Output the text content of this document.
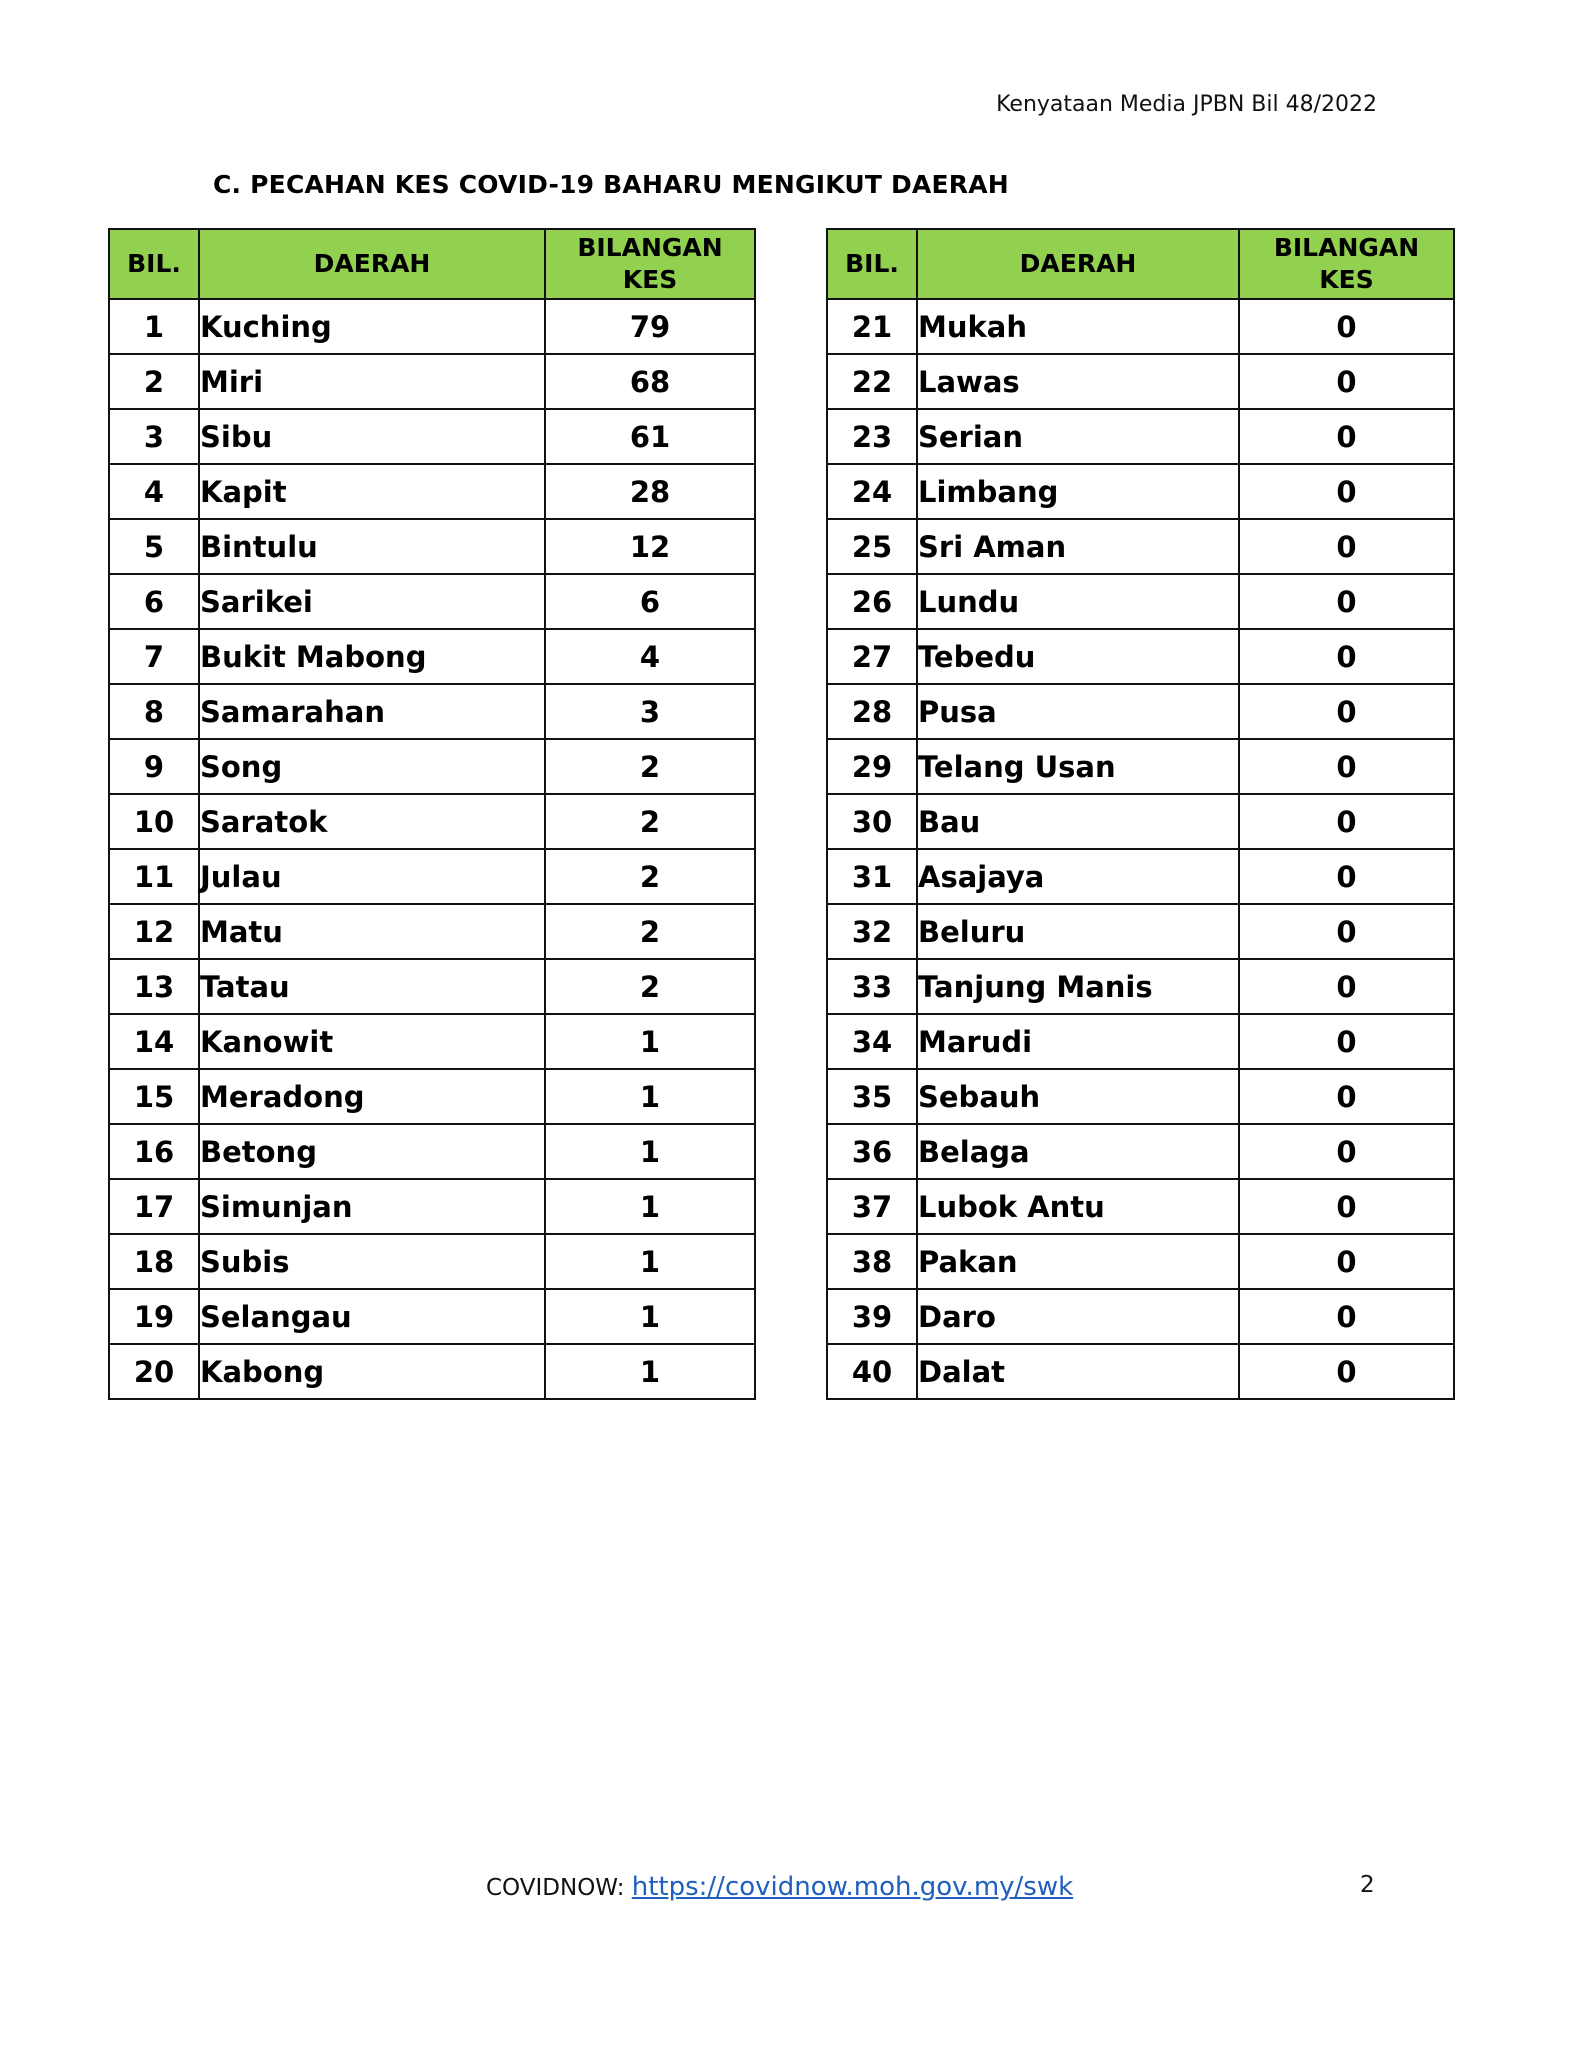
Kenyataan Media JPBN Bil 48/2022
C. PECAHAN KES COVID-19 BAHARU MENGIKUT DAERAH
BIL.	DAERAH	BILANGAN
KES
1	Kuching	79
2	Miri	68
3	Sibu	61
4	Kapit	28
5	Bintulu	12
6	Sarikei	6
7	Bukit Mabong	4
8	Samarahan	3
9	Song	2
10	Saratok	2
11	Julau	2
12	Matu	2
13	Tatau	2
14	Kanowit	1
15	Meradong	1
16	Betong	1
17	Simunjan	1
18	Subis	1
19	Selangau	1
20	Kabong	1
BIL.	DAERAH	BILANGAN
KES
21	Mukah	0
22	Lawas	0
23	Serian	0
24	Limbang	0
25	Sri Aman	0
26	Lundu	0
27	Tebedu	0
28	Pusa	0
29	Telang Usan	0
30	Bau	0
31	Asajaya	0
32	Beluru	0
33	Tanjung Manis	0
34	Marudi	0
35	Sebauh	0
36	Belaga	0
37	Lubok Antu	0
38	Pakan	0
39	Daro	0
40	Dalat	0
COVIDNOW: https://covidnow.moh.gov.my/swk	2
